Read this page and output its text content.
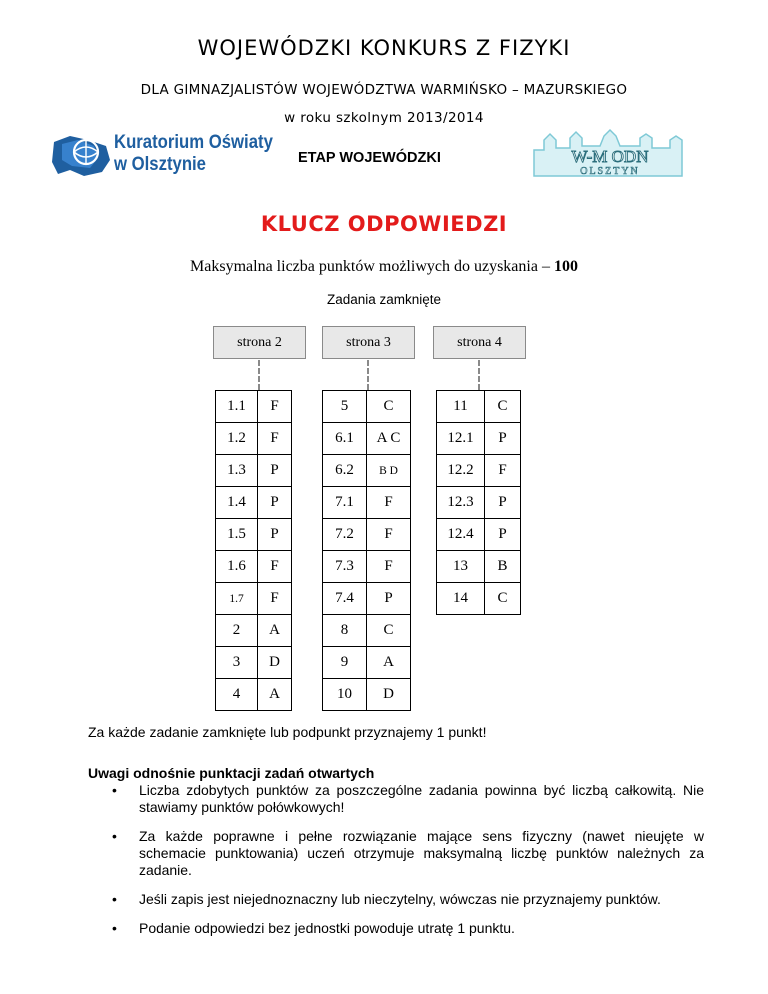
WOJEWÓDZKI KONKURS Z FIZYKI
DLA GIMNAZJALISTÓW WOJEWÓDZTWA WARMIŃSKO – MAZURSKIEGO
w roku szkolnym 2013/2014
Kuratorium Oświaty
w Olsztynie	ETAP WOJEWÓDZKI	W-M ODN
OLSZTYN
KLUCZ ODPOWIEDZI
Maksymalna liczba punktów możliwych do uzyskania – 100
Zadania zamknięte
strona 2	strona 3	strona 4
1.1	F
1.2	F
1.3	P
1.4	P
1.5	P
1.6	F
1.7	F
2	A
3	D
4	A
5	C
6.1	A C
6.2	B D
7.1	F
7.2	F
7.3	F
7.4	P
8	C
9	A
10	D
11	C
12.1	P
12.2	F
12.3	P
12.4	P
13	B
14	C
Za każde zadanie zamknięte lub podpunkt przyznajemy 1 punkt!
Uwagi odnośnie punktacji zadań otwartych
• Liczba zdobytych punktów za poszczególne zadania powinna być liczbą całkowitą. Nie stawiamy punktów połówkowych!
• Za każde poprawne i pełne rozwiązanie mające sens fizyczny (nawet nieujęte w schemacie punktowania) uczeń otrzymuje maksymalną liczbę punktów należnych za zadanie.
• Jeśli zapis jest niejednoznaczny lub nieczytelny, wówczas nie przyznajemy punktów.
• Podanie odpowiedzi bez jednostki powoduje utratę 1 punktu.
